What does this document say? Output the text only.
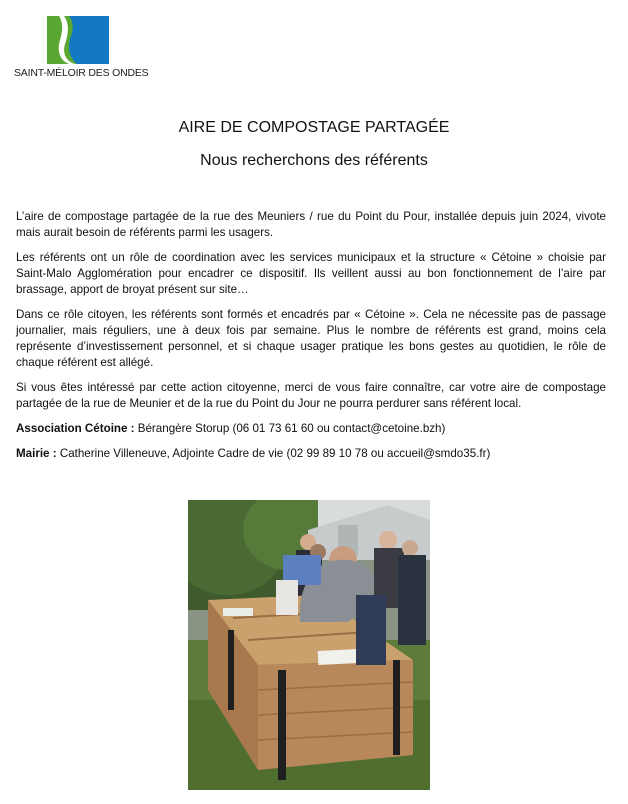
SAINT-MÉLOIR DES ONDES
AIRE DE COMPOSTAGE PARTAGÉE
Nous recherchons des référents

L’aire de compostage partagée de la rue des Meuniers / rue du Point du Pour, installée depuis juin 2024, vivote mais aurait besoin de référents parmi les usagers.

Les référents ont un rôle de coordination avec les services municipaux et la structure « Cétoine » choisie par Saint-Malo Agglomération pour encadrer ce dispositif. Ils veillent aussi au bon fonctionnement de l’aire par brassage, apport de broyat présent sur site…

Dans ce rôle citoyen, les référents sont formés et encadrés par « Cétoine ». Cela ne nécessite pas de passage journalier, mais réguliers, une à deux fois par semaine. Plus le nombre de référents est grand, moins cela représente d’investissement personnel, et si chaque usager pratique les bons gestes au quotidien, le rôle de chaque référent est allégé.

Si vous êtes intéressé par cette action citoyenne, merci de vous faire connaître, car votre aire de compostage partagée de la rue de Meunier et de la rue du Point du Jour ne pourra perdurer sans référent local.

Association Cétoine : Bérangère Storup (06 01 73 61 60 ou contact@cetoine.bzh)

Mairie : Catherine Villeneuve, Adjointe Cadre de vie (02 99 89 10 78 ou accueil@smdo35.fr)
